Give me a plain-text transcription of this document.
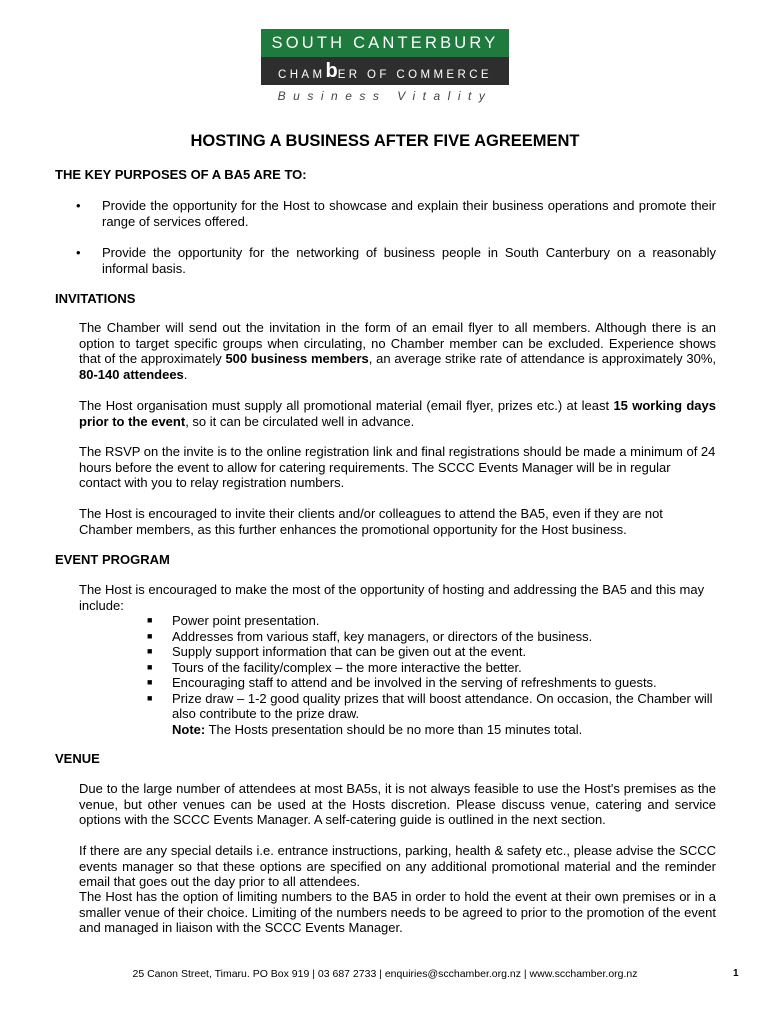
SOUTH CANTERBURY
CHAMbER OF COMMERCE
Business Vitality
HOSTING A BUSINESS AFTER FIVE AGREEMENT
THE KEY PURPOSES OF A BA5 ARE TO:
• Provide the opportunity for the Host to showcase and explain their business operations and promote their range of services offered.
• Provide the opportunity for the networking of business people in South Canterbury on a reasonably informal basis.
INVITATIONS
The Chamber will send out the invitation in the form of an email flyer to all members. Although there is an option to target specific groups when circulating, no Chamber member can be excluded. Experience shows that of the approximately 500 business members, an average strike rate of attendance is approximately 30%, 80-140 attendees.
The Host organisation must supply all promotional material (email flyer, prizes etc.) at least 15 working days prior to the event, so it can be circulated well in advance.
The RSVP on the invite is to the online registration link and final registrations should be made a minimum of 24 hours before the event to allow for catering requirements. The SCCC Events Manager will be in regular contact with you to relay registration numbers.
The Host is encouraged to invite their clients and/or colleagues to attend the BA5, even if they are not Chamber members, as this further enhances the promotional opportunity for the Host business.
EVENT PROGRAM
The Host is encouraged to make the most of the opportunity of hosting and addressing the BA5 and this may include:
■ Power point presentation.
■ Addresses from various staff, key managers, or directors of the business.
■ Supply support information that can be given out at the event.
■ Tours of the facility/complex – the more interactive the better.
■ Encouraging staff to attend and be involved in the serving of refreshments to guests.
■ Prize draw – 1-2 good quality prizes that will boost attendance. On occasion, the Chamber will also contribute to the prize draw.
Note: The Hosts presentation should be no more than 15 minutes total.
VENUE
Due to the large number of attendees at most BA5s, it is not always feasible to use the Host's premises as the venue, but other venues can be used at the Hosts discretion. Please discuss venue, catering and service options with the SCCC Events Manager. A self-catering guide is outlined in the next section.
If there are any special details i.e. entrance instructions, parking, health & safety etc., please advise the SCCC events manager so that these options are specified on any additional promotional material and the reminder email that goes out the day prior to all attendees.
The Host has the option of limiting numbers to the BA5 in order to hold the event at their own premises or in a smaller venue of their choice. Limiting of the numbers needs to be agreed to prior to the promotion of the event and managed in liaison with the SCCC Events Manager.
25 Canon Street, Timaru. PO Box 919 | 03 687 2733 | enquiries@scchamber.org.nz | www.scchamber.org.nz	1
